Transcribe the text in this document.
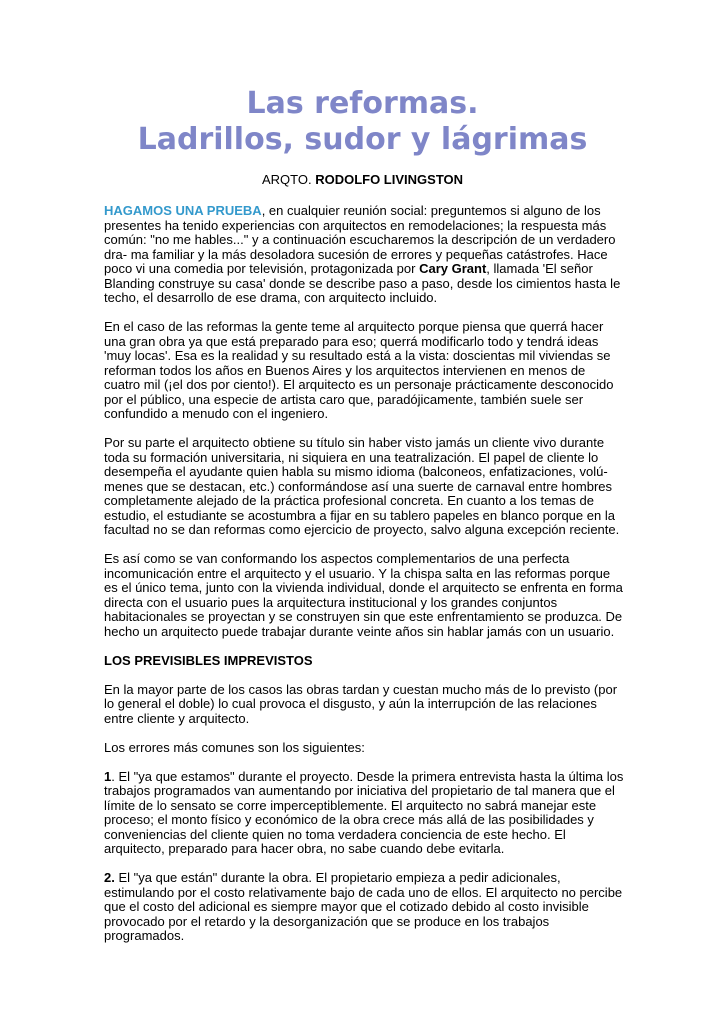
Las reformas.
Ladrillos, sudor y lágrimas
ARQTO. RODOLFO LIVINGSTON

HAGAMOS UNA PRUEBA, en cualquier reunión social: preguntemos si alguno de los presentes ha tenido experiencias con arquitectos en remodelaciones; la respuesta más común: "no me hables..." y a continuación escucharemos la descripción de un verdadero dra- ma familiar y la más desoladora sucesión de errores y pequeñas catástrofes. Hace poco vi una comedia por televisión, protagonizada por Cary Grant, llamada 'El señor Blanding construye su casa' donde se describe paso a paso, desde los cimientos hasta le techo, el desarrollo de ese drama, con arquitecto incluido.

En el caso de las reformas la gente teme al arquitecto porque piensa que querrá hacer una gran obra ya que está preparado para eso; querrá modificarlo todo y tendrá ideas 'muy locas'. Esa es la realidad y su resultado está a la vista: doscientas mil viviendas se reforman todos los años en Buenos Aires y los arquitectos intervienen en menos de cuatro mil (¡el dos por ciento!). El arquitecto es un personaje prácticamente desconocido por el público, una especie de artista caro que, paradójicamente, también suele ser confundido a menudo con el ingeniero.

Por su parte el arquitecto obtiene su título sin haber visto jamás un cliente vivo durante toda su formación universitaria, ni siquiera en una teatralización. El papel de cliente lo desempeña el ayudante quien habla su mismo idioma (balconeos, enfatizaciones, volú-menes que se destacan, etc.) conformándose así una suerte de carnaval entre hombres completamente alejado de la práctica profesional concreta. En cuanto a los temas de estudio, el estudiante se acostumbra a fijar en su tablero papeles en blanco porque en la facultad no se dan reformas como ejercicio de proyecto, salvo alguna excepción reciente.

Es así como se van conformando los aspectos complementarios de una perfecta incomunicación entre el arquitecto y el usuario. Y la chispa salta en las reformas porque es el único tema, junto con la vivienda individual, donde el arquitecto se enfrenta en forma directa con el usuario pues la arquitectura institucional y los grandes conjuntos habitacionales se proyectan y se construyen sin que este enfrentamiento se produzca. De hecho un arquitecto puede trabajar durante veinte años sin hablar jamás con un usuario.

LOS PREVISIBLES IMPREVISTOS

En la mayor parte de los casos las obras tardan y cuestan mucho más de lo previsto (por lo general el doble) lo cual provoca el disgusto, y aún la interrupción de las relaciones entre cliente y arquitecto.

Los errores más comunes son los siguientes:

1. El "ya que estamos" durante el proyecto. Desde la primera entrevista hasta la última los trabajos programados van aumentando por iniciativa del propietario de tal manera que el límite de lo sensato se corre imperceptiblemente. El arquitecto no sabrá manejar este proceso; el monto físico y económico de la obra crece más allá de las posibilidades y conveniencias del cliente quien no toma verdadera conciencia de este hecho. El arquitecto, preparado para hacer obra, no sabe cuando debe evitarla.

2. El "ya que están" durante la obra. El propietario empieza a pedir adicionales, estimulando por el costo relativamente bajo de cada uno de ellos. El arquitecto no percibe que el costo del adicional es siempre mayor que el cotizado debido al costo invisible provocado por el retardo y la desorganización que se produce en los trabajos programados.
